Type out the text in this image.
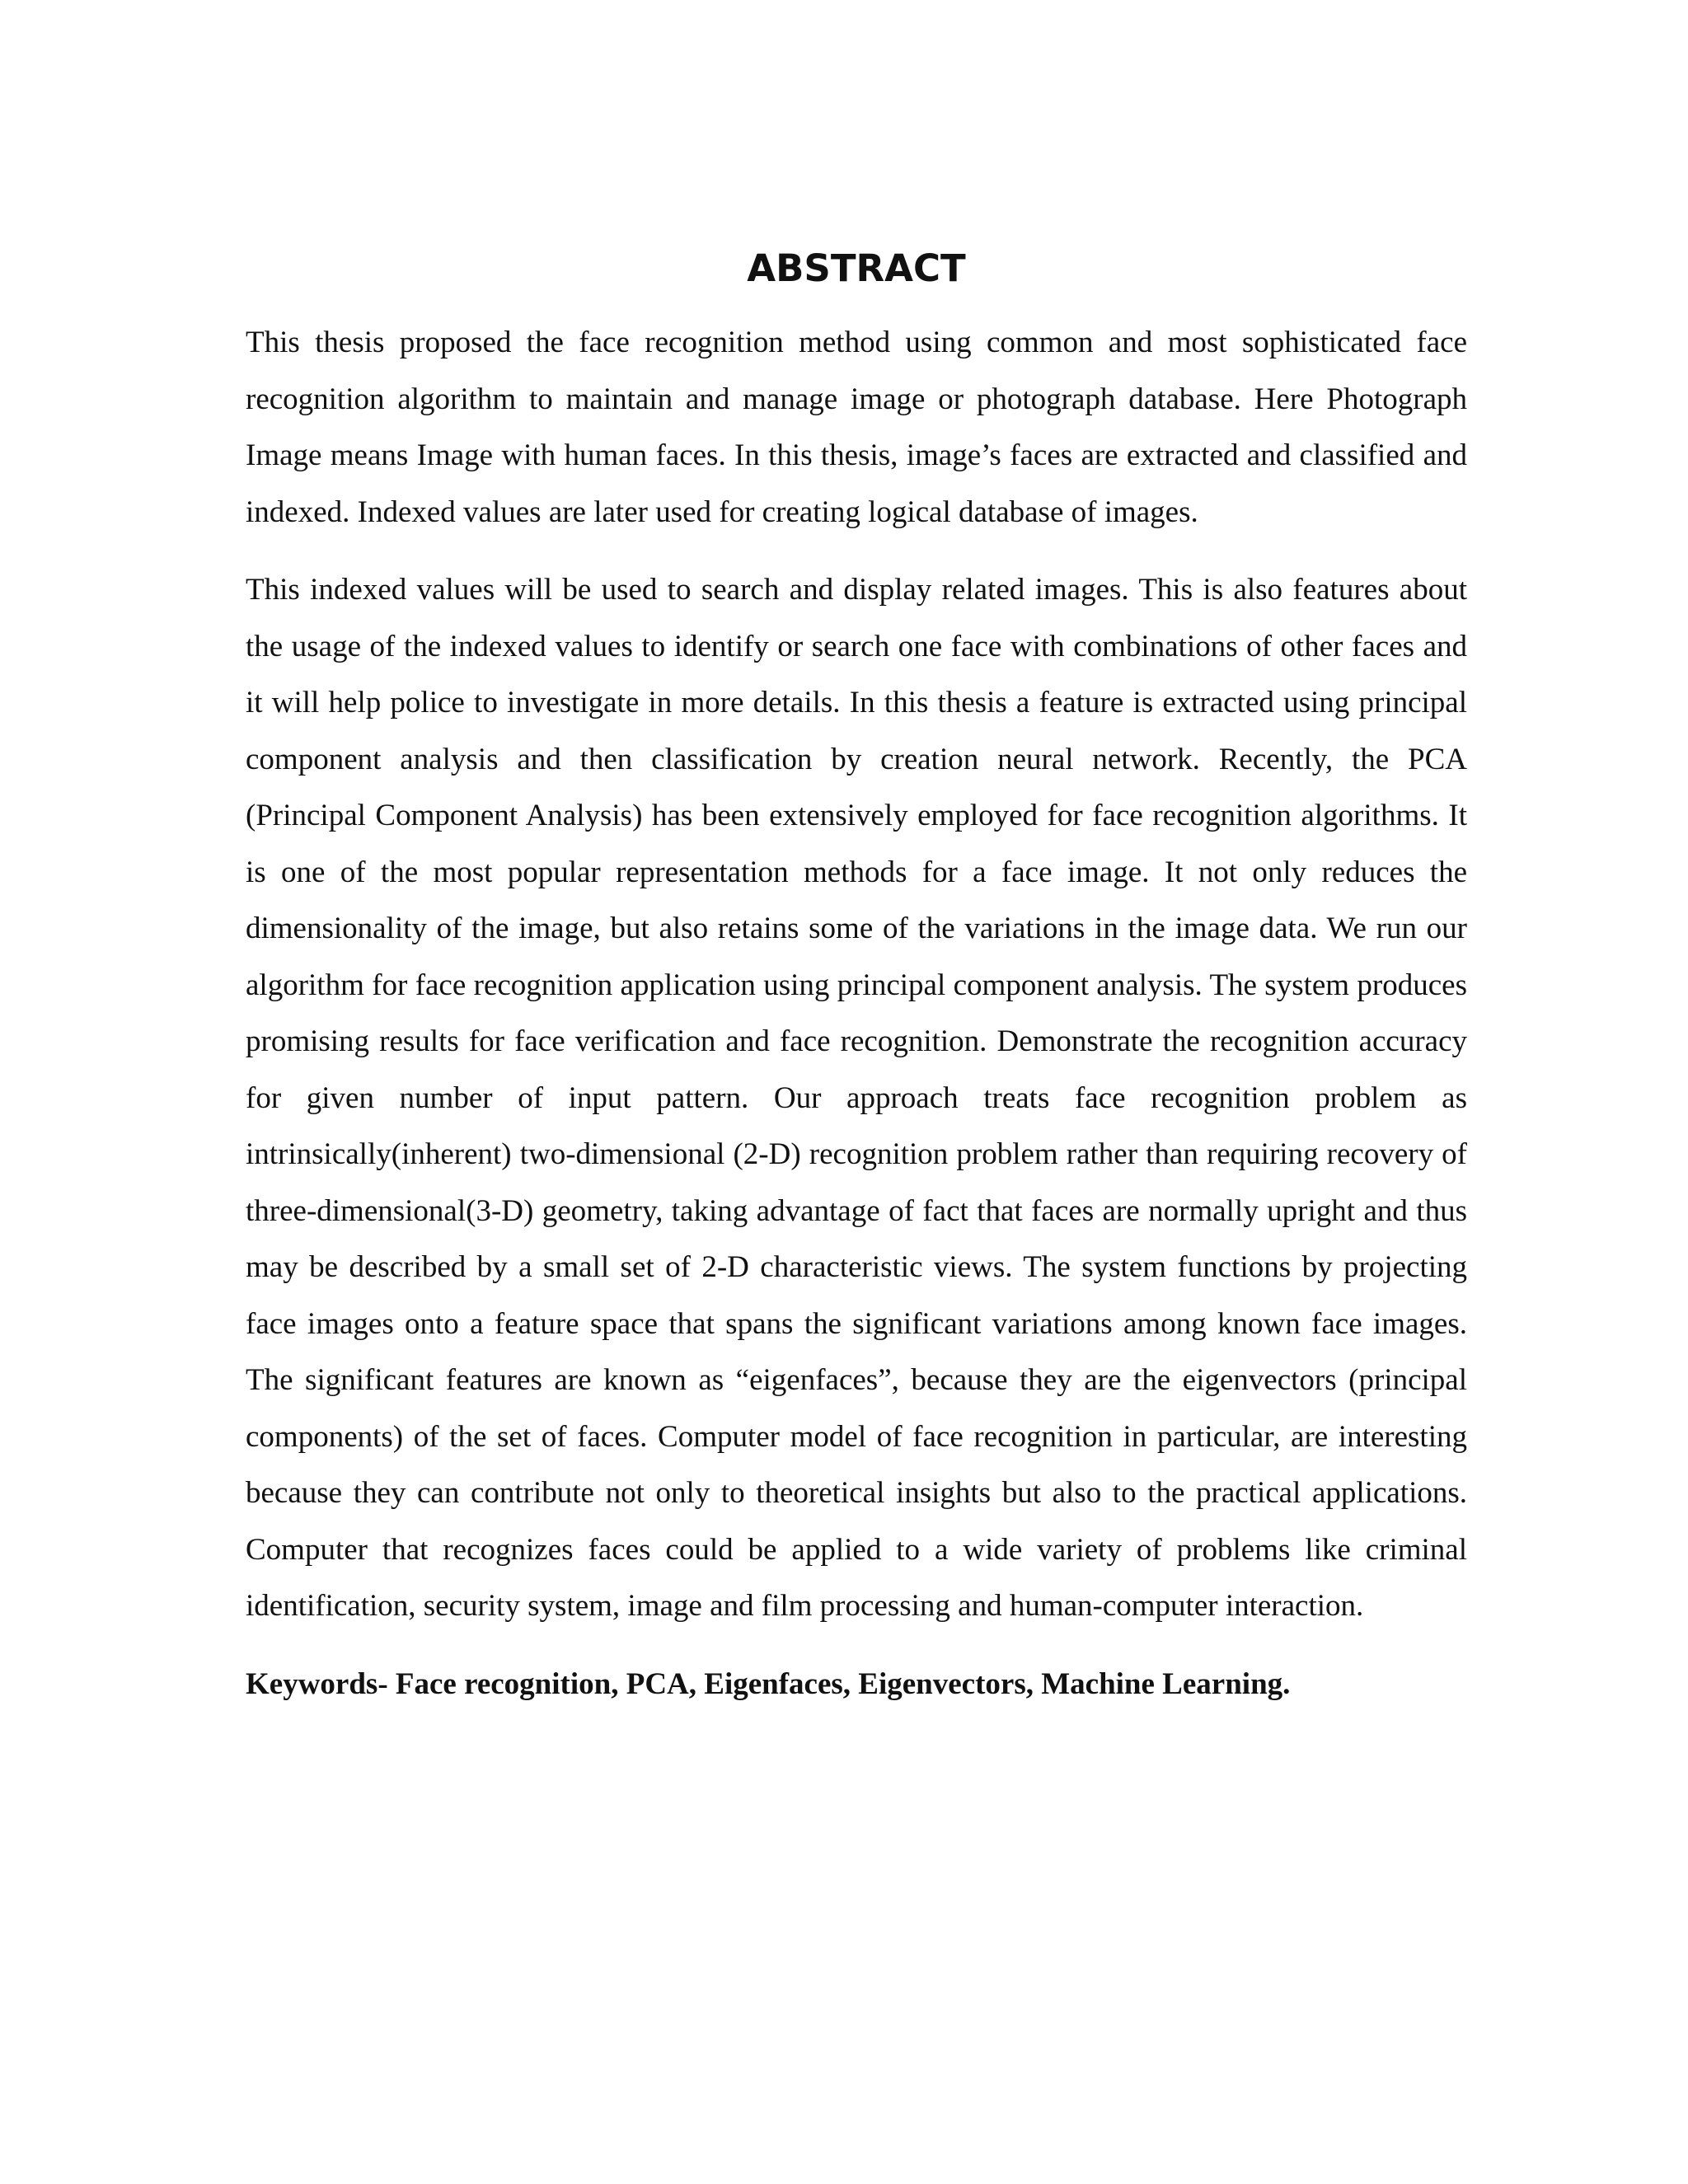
ABSTRACT

This thesis proposed the face recognition method using common and most sophisticated face recognition algorithm to maintain and manage image or photograph database. Here Photograph Image means Image with human faces. In this thesis, image’s faces are extracted and classified and indexed. Indexed values are later used for creating logical database of images.

This indexed values will be used to search and display related images. This is also features about the usage of the indexed values to identify or search one face with combinations of other faces and it will help police to investigate in more details. In this thesis a feature is extracted using principal component analysis and then classification by creation neural network. Recently, the PCA (Principal Component Analysis) has been extensively employed for face recognition algorithms. It is one of the most popular representation methods for a face image. It not only reduces the dimensionality of the image, but also retains some of the variations in the image data. We run our algorithm for face recognition application using principal component analysis. The system produces promising results for face verification and face recognition. Demonstrate the recognition accuracy for given number of input pattern. Our approach treats face recognition problem as intrinsically(inherent) two-dimensional (2-D) recognition problem rather than requiring recovery of three-dimensional(3-D) geometry, taking advantage of fact that faces are normally upright and thus may be described by a small set of 2-D characteristic views. The system functions by projecting face images onto a feature space that spans the significant variations among known face images. The significant features are known as “eigenfaces”, because they are the eigenvectors (principal components) of the set of faces. Computer model of face recognition in particular, are interesting because they can contribute not only to theoretical insights but also to the practical applications. Computer that recognizes faces could be applied to a wide variety of problems like criminal identification, security system, image and film processing and human-computer interaction.

Keywords- Face recognition, PCA, Eigenfaces, Eigenvectors, Machine Learning.
